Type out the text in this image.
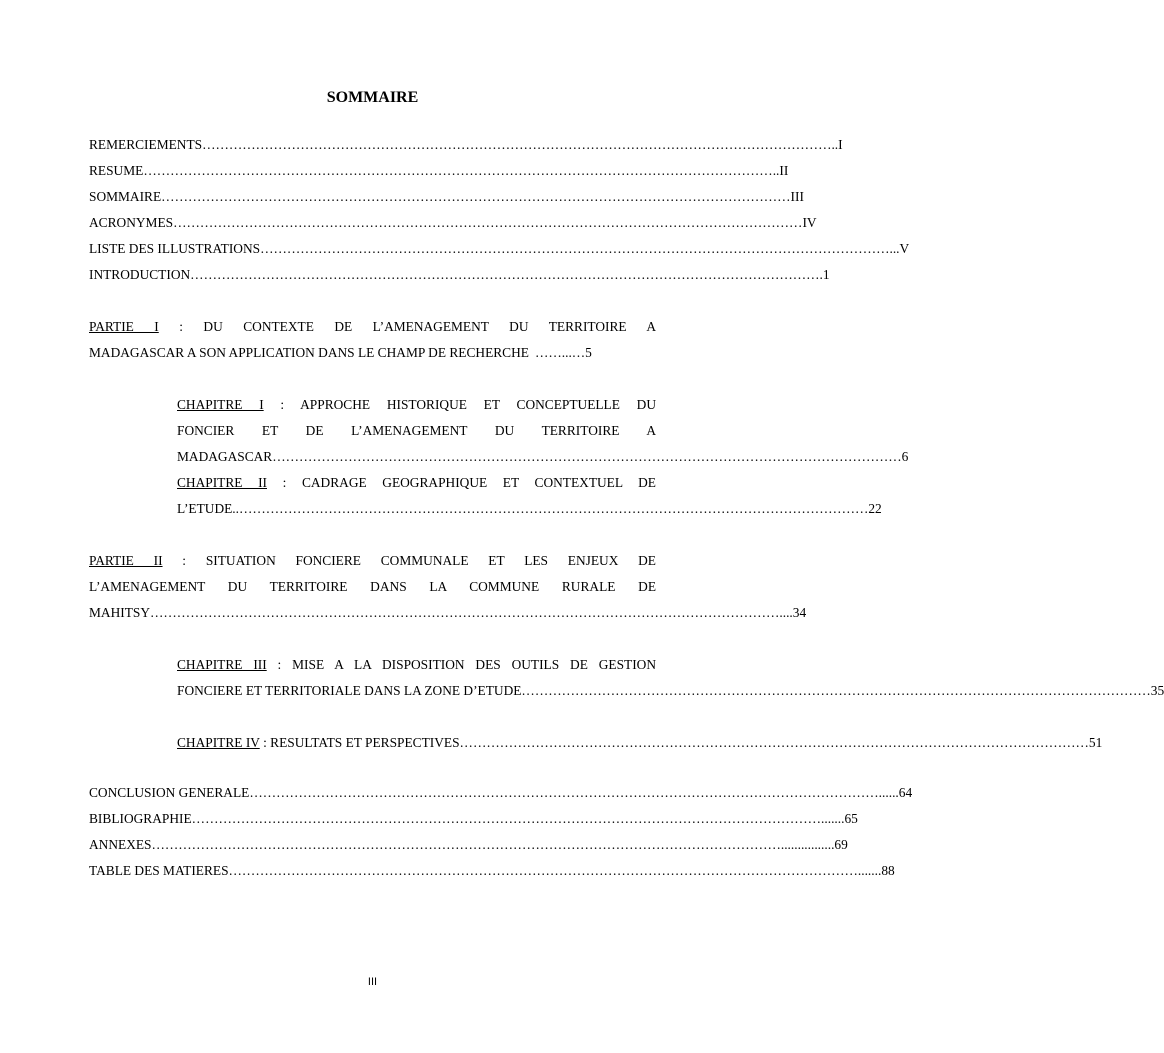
SOMMAIRE
REMERCIEMENTS …………………………………………………………………………………………………………………………… ..I
RESUME …………………………………………………………………………………………………………………………… ..II
SOMMAIRE …………………………………………………………………………………………………………………………… III
ACRONYMES …………………………………………………………………………………………………………………………… IV
LISTE DES ILLUSTRATIONS …………………………………………………………………………………………………………………………… ...V
INTRODUCTION …………………………………………………………………………………………………………………………… .1
PARTIE I : DU CONTEXTE DE L’AMENAGEMENT DU TERRITOIRE A
MADAGASCAR A SON APPLICATION DANS LE CHAMP DE RECHERCHE … …...…5
CHAPITRE I : APPROCHE HISTORIQUE ET CONCEPTUELLE DU
FONCIER ET DE L’AMENAGEMENT DU TERRITOIRE A
MADAGASCAR …………………………………………………………………………………………………………………………… 6
CHAPITRE II : CADRAGE GEOGRAPHIQUE ET CONTEXTUEL DE
L’ETUDE.. …………………………………………………………………………………………………………………………… 22
PARTIE II : SITUATION FONCIERE COMMUNALE ET LES ENJEUX DE
L’AMENAGEMENT DU TERRITOIRE DANS LA COMMUNE RURALE DE
MAHITSY …………………………………………………………………………………………………………………………… ....34
CHAPITRE III : MISE A LA DISPOSITION DES OUTILS DE GESTION
FONCIERE ET TERRITORIALE DANS LA ZONE D’ETUDE …………………………………………………………………………………………………………………………… 35
CHAPITRE IV : RESULTATS ET PERSPECTIVES …………………………………………………………………………………………………………………………… 51
CONCLUSION GENERALE …………………………………………………………………………………………………………………………… ......64
BIBLIOGRAPHIE …………………………………………………………………………………………………………………………… .......65
ANNEXES …………………………………………………………………………………………………………………………… ................69
TABLE DES MATIERES …………………………………………………………………………………………………………………………… .......88
III
